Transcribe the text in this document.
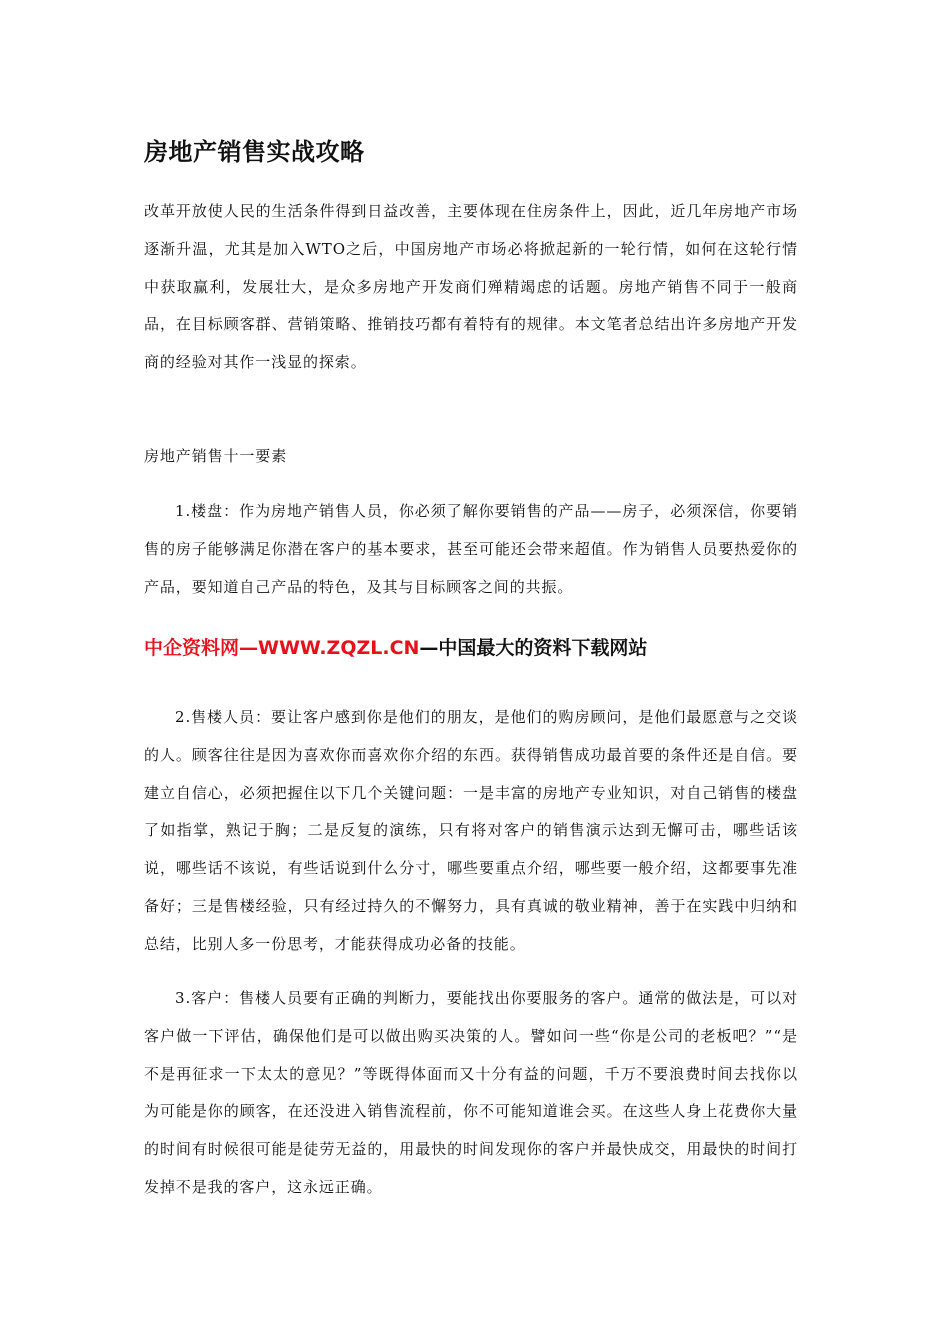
房地产销售实战攻略

改革开放使人民的生活条件得到日益改善，主要体现在住房条件上，因此，近几年房地产市场逐渐升温，尤其是加入WTO之后，中国房地产市场必将掀起新的一轮行情，如何在这轮行情中获取赢利，发展壮大，是众多房地产开发商们殚精竭虑的话题。房地产销售不同于一般商品，在目标顾客群、营销策略、推销技巧都有着特有的规律。本文笔者总结出许多房地产开发商的经验对其作一浅显的探索。

房地产销售十一要素

1.楼盘：作为房地产销售人员，你必须了解你要销售的产品——房子，必须深信，你要销售的房子能够满足你潜在客户的基本要求，甚至可能还会带来超值。作为销售人员要热爱你的产品，要知道自己产品的特色，及其与目标顾客之间的共振。

中企资料网—WWW.ZQZL.CN—中国最大的资料下载网站

2.售楼人员：要让客户感到你是他们的朋友，是他们的购房顾问，是他们最愿意与之交谈的人。顾客往往是因为喜欢你而喜欢你介绍的东西。获得销售成功最首要的条件还是自信。要建立自信心，必须把握住以下几个关键问题：一是丰富的房地产专业知识，对自己销售的楼盘了如指掌，熟记于胸；二是反复的演练，只有将对客户的销售演示达到无懈可击，哪些话该说，哪些话不该说，有些话说到什么分寸，哪些要重点介绍，哪些要一般介绍，这都要事先准备好；三是售楼经验，只有经过持久的不懈努力，具有真诚的敬业精神，善于在实践中归纳和总结，比别人多一份思考，才能获得成功必备的技能。

3.客户：售楼人员要有正确的判断力，要能找出你要服务的客户。通常的做法是，可以对客户做一下评估，确保他们是可以做出购买决策的人。譬如问一些“你是公司的老板吧？”“是不是再征求一下太太的意见？”等既得体面而又十分有益的问题，千万不要浪费时间去找你以为可能是你的顾客，在还没进入销售流程前，你不可能知道谁会买。在这些人身上花费你大量的时间有时候很可能是徒劳无益的，用最快的时间发现你的客户并最快成交，用最快的时间打发掉不是我的客户，这永远正确。
